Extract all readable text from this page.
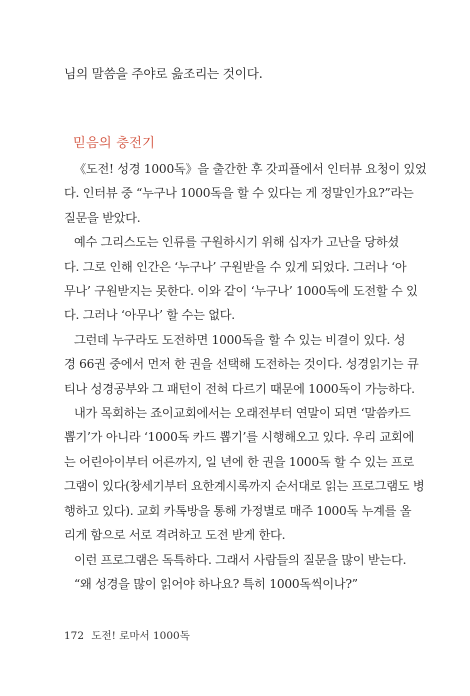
님의 말씀을 주야로 읊조리는 것이다.
믿음의 충전기

《도전! 성경 1000독》을 출간한 후 갓피플에서 인터뷰 요청이 있었
다. 인터뷰 중 “누구나 1000독을 할 수 있다는 게 정말인가요?”라는
질문을 받았다.

예수 그리스도는 인류를 구원하시기 위해 십자가 고난을 당하셨
다. 그로 인해 인간은 ‘누구나’ 구원받을 수 있게 되었다. 그러나 ‘아
무나’ 구원받지는 못한다. 이와 같이 ‘누구나’ 1000독에 도전할 수 있
다. 그러나 ‘아무나’ 할 수는 없다.

그런데 누구라도 도전하면 1000독을 할 수 있는 비결이 있다. 성
경 66권 중에서 먼저 한 권을 선택해 도전하는 것이다. 성경읽기는 큐
티나 성경공부와 그 패턴이 전혀 다르기 때문에 1000독이 가능하다.

내가 목회하는 죠이교회에서는 오래전부터 연말이 되면 ‘말씀카드
뽑기’가 아니라 ‘1000독 카드 뽑기’를 시행해오고 있다. 우리 교회에
는 어린아이부터 어른까지, 일 년에 한 권을 1000독 할 수 있는 프로
그램이 있다(창세기부터 요한계시록까지 순서대로 읽는 프로그램도 병
행하고 있다). 교회 카톡방을 통해 가정별로 매주 1000독 누계를 올
리게 함으로 서로 격려하고 도전 받게 한다.

이런 프로그램은 독특하다. 그래서 사람들의 질문을 많이 받는다.

“왜 성경을 많이 읽어야 하나요? 특히 1000독씩이나?”

172 도전! 로마서 1000독
